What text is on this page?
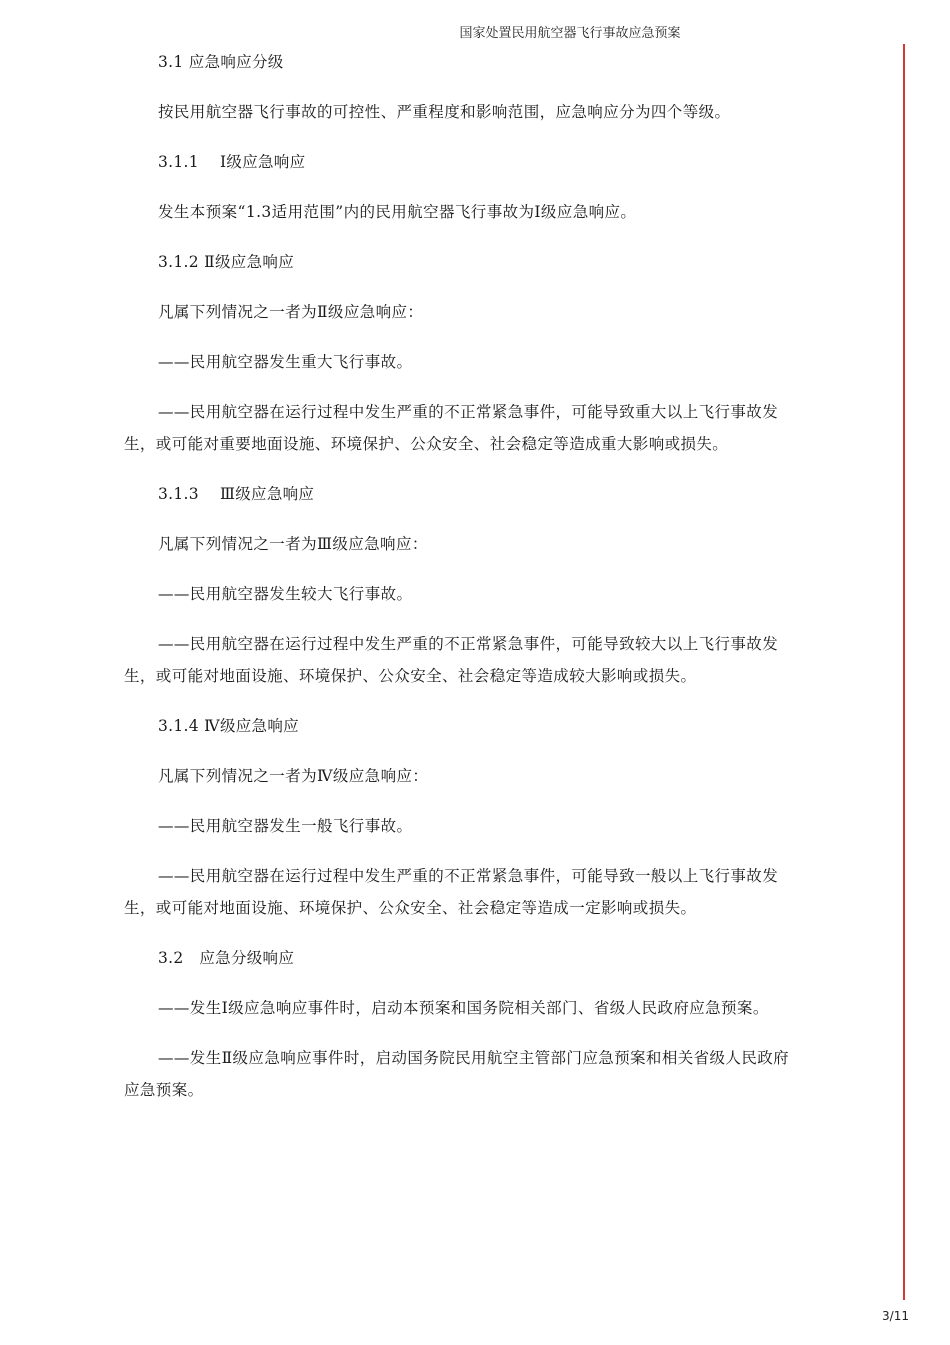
国家处置民用航空器飞行事故应急预案

3.1 应急响应分级

按民用航空器飞行事故的可控性、严重程度和影响范围，应急响应分为四个等级。

3.1.1　 Ⅰ级应急响应

发生本预案“1.3适用范围”内的民用航空器飞行事故为Ⅰ级应急响应。

3.1.2 Ⅱ级应急响应

凡属下列情况之一者为Ⅱ级应急响应：

——民用航空器发生重大飞行事故。

——民用航空器在运行过程中发生严重的不正常紧急事件，可能导致重大以上飞行事故发生，或可能对重要地面设施、环境保护、公众安全、社会稳定等造成重大影响或损失。

3.1.3　 Ⅲ级应急响应

凡属下列情况之一者为Ⅲ级应急响应：

——民用航空器发生较大飞行事故。

——民用航空器在运行过程中发生严重的不正常紧急事件，可能导致较大以上飞行事故发生，或可能对地面设施、环境保护、公众安全、社会稳定等造成较大影响或损失。

3.1.4 Ⅳ级应急响应

凡属下列情况之一者为Ⅳ级应急响应：

——民用航空器发生一般飞行事故。

——民用航空器在运行过程中发生严重的不正常紧急事件，可能导致一般以上飞行事故发生，或可能对地面设施、环境保护、公众安全、社会稳定等造成一定影响或损失。

3.2　应急分级响应

——发生Ⅰ级应急响应事件时，启动本预案和国务院相关部门、省级人民政府应急预案。

——发生Ⅱ级应急响应事件时，启动国务院民用航空主管部门应急预案和相关省级人民政府应急预案。

3/11
